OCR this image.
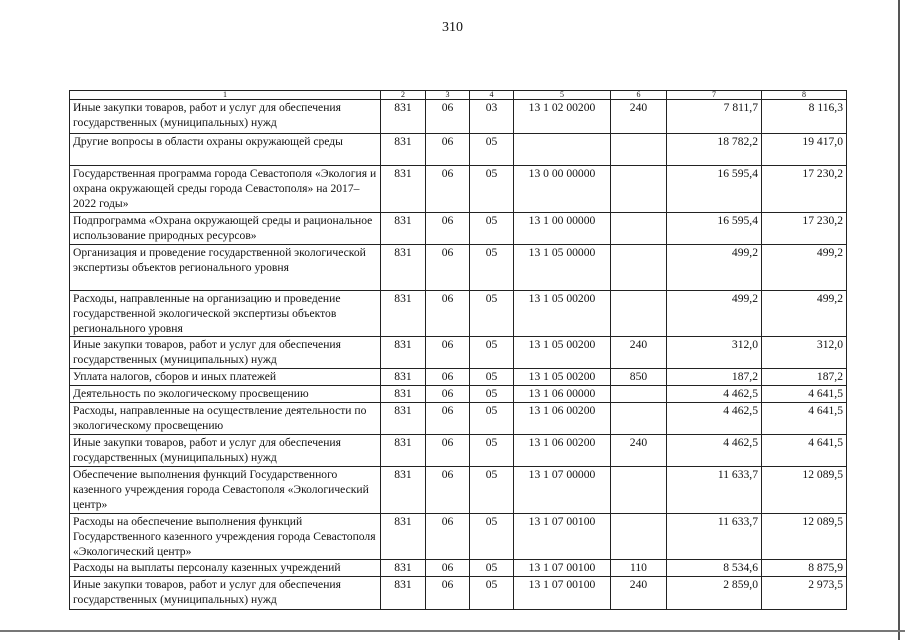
310
1	2	3	4	5	6	7	8
Иные закупки товаров, работ и услуг для обеспечения государственных (муниципальных) нужд	831	06	03	13 1 02 00200	240	7 811,7	8 116,3
Другие вопросы в области охраны окружающей среды	831	06	05			18 782,2	19 417,0
Государственная программа города Севастополя «Экология и охрана окружающей среды города Севастополя» на 2017–2022 годы»	831	06	05	13 0 00 00000		16 595,4	17 230,2
Подпрограмма «Охрана окружающей среды и рациональное использование природных ресурсов»	831	06	05	13 1 00 00000		16 595,4	17 230,2
Организация и проведение государственной экологической экспертизы объектов регионального уровня	831	06	05	13 1 05 00000		499,2	499,2
Расходы, направленные на организацию и проведение государственной экологической экспертизы объектов регионального уровня	831	06	05	13 1 05 00200		499,2	499,2
Иные закупки товаров, работ и услуг для обеспечения государственных (муниципальных) нужд	831	06	05	13 1 05 00200	240	312,0	312,0
Уплата налогов, сборов и иных платежей	831	06	05	13 1 05 00200	850	187,2	187,2
Деятельность по экологическому просвещению	831	06	05	13 1 06 00000		4 462,5	4 641,5
Расходы, направленные на осуществление деятельности по экологическому просвещению	831	06	05	13 1 06 00200		4 462,5	4 641,5
Иные закупки товаров, работ и услуг для обеспечения государственных (муниципальных) нужд	831	06	05	13 1 06 00200	240	4 462,5	4 641,5
Обеспечение выполнения функций Государственного казенного учреждения города Севастополя «Экологический центр»	831	06	05	13 1 07 00000		11 633,7	12 089,5
Расходы на обеспечение выполнения функций Государственного казенного учреждения города Севастополя «Экологический центр»	831	06	05	13 1 07 00100		11 633,7	12 089,5
Расходы на выплаты персоналу казенных учреждений	831	06	05	13 1 07 00100	110	8 534,6	8 875,9
Иные закупки товаров, работ и услуг для обеспечения государственных (муниципальных) нужд	831	06	05	13 1 07 00100	240	2 859,0	2 973,5
